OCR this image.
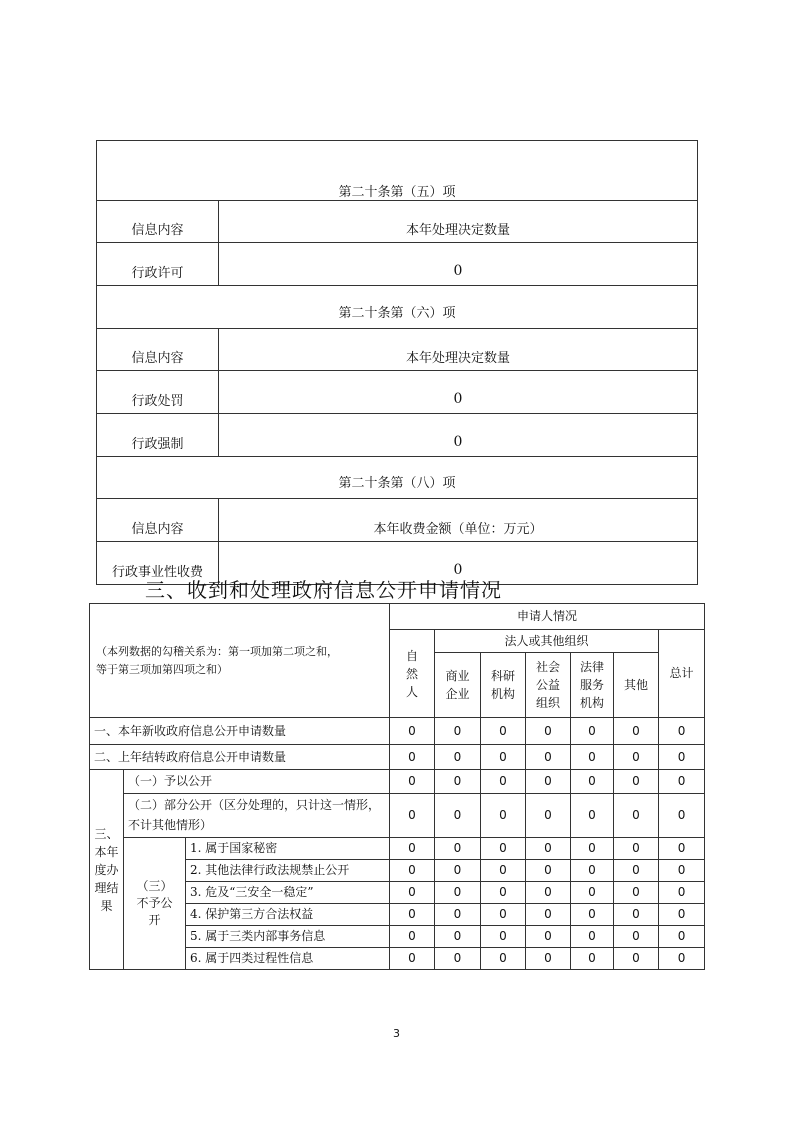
第二十条第（五）项	
信息内容	本年处理决定数量
行政许可	0
第二十条第（六）项	
信息内容	本年处理决定数量
行政处罚	0
行政强制	0
第二十条第（八）项	
信息内容	本年收费金额（单位：万元）
行政事业性收费	0
三、收到和处理政府信息公开申请情况
（本列数据的勾稽关系为：第一项加第二项之和，
等于第三项加第四项之和）			申请人情况						

			自然人	法人或其他组织					总计

				商业企业	科研机构	社会公益组织	法律服务机构	其他	
一、本年新收政府信息公开申请数量			0	0	0	0	0	0	0
二、上年结转政府信息公开申请数量			0	0	0	0	0	0	0

三、本年度办理结果	（一）予以公开		0	0	0	0	0	0	0
	（二）部分公开（区分处理的，只计这一情形，不计其他情形）		0	0	0	0	0	0	0

	（三）不予公开	1. 属于国家秘密	0	0	0	0	0	0	0
		2. 其他法律行政法规禁止公开	0	0	0	0	0	0	0
		3. 危及“三安全一稳定”	0	0	0	0	0	0	0
		4. 保护第三方合法权益	0	0	0	0	0	0	0
		5. 属于三类内部事务信息	0	0	0	0	0	0	0
		6. 属于四类过程性信息	0	0	0	0	0	0	0
3
